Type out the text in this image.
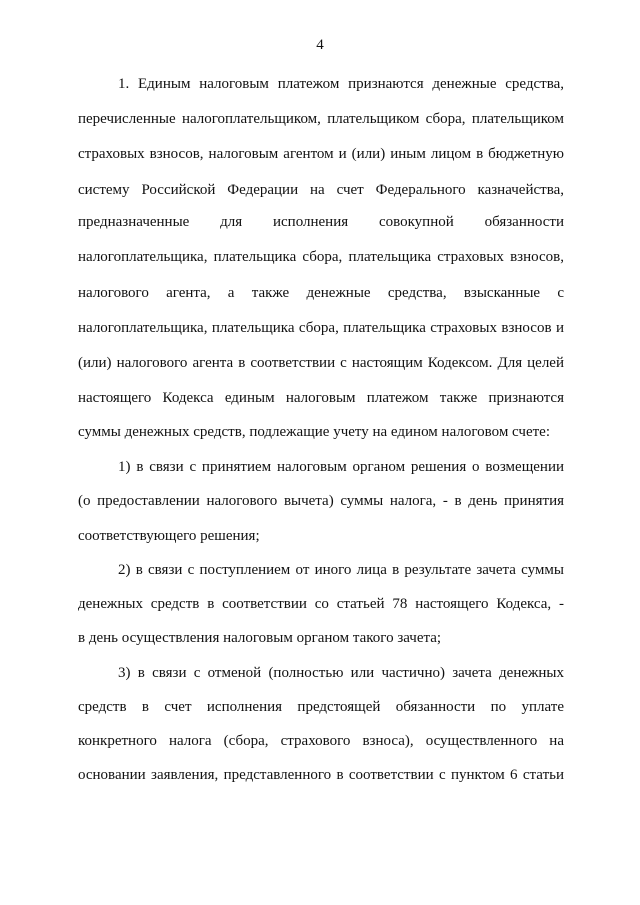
4
1. Единым налоговым платежом признаются денежные средства,
перечисленные налогоплательщиком, плательщиком сбора, плательщиком
страховых взносов, налоговым агентом и (или) иным лицом в бюджетную
систему Российской Федерации на счет Федерального казначейства,
предназначенные для исполнения совокупной обязанности
налогоплательщика, плательщика сбора, плательщика страховых взносов,
налогового агента, а также денежные средства, взысканные с
налогоплательщика, плательщика сбора, плательщика страховых взносов и
(или) налогового агента в соответствии с настоящим Кодексом. Для целей
настоящего Кодекса единым налоговым платежом также признаются
суммы денежных средств, подлежащие учету на едином налоговом счете:
1) в связи с принятием налоговым органом решения о возмещении
(о предоставлении налогового вычета) суммы налога, - в день принятия
соответствующего решения;
2) в связи с поступлением от иного лица в результате зачета суммы
денежных средств в соответствии со статьей 78 настоящего Кодекса, -
в день осуществления налоговым органом такого зачета;
3) в связи с отменой (полностью или частично) зачета денежных
средств в счет исполнения предстоящей обязанности по уплате
конкретного налога (сбора, страхового взноса), осуществленного на
основании заявления, представленного в соответствии с пунктом 6 статьи
